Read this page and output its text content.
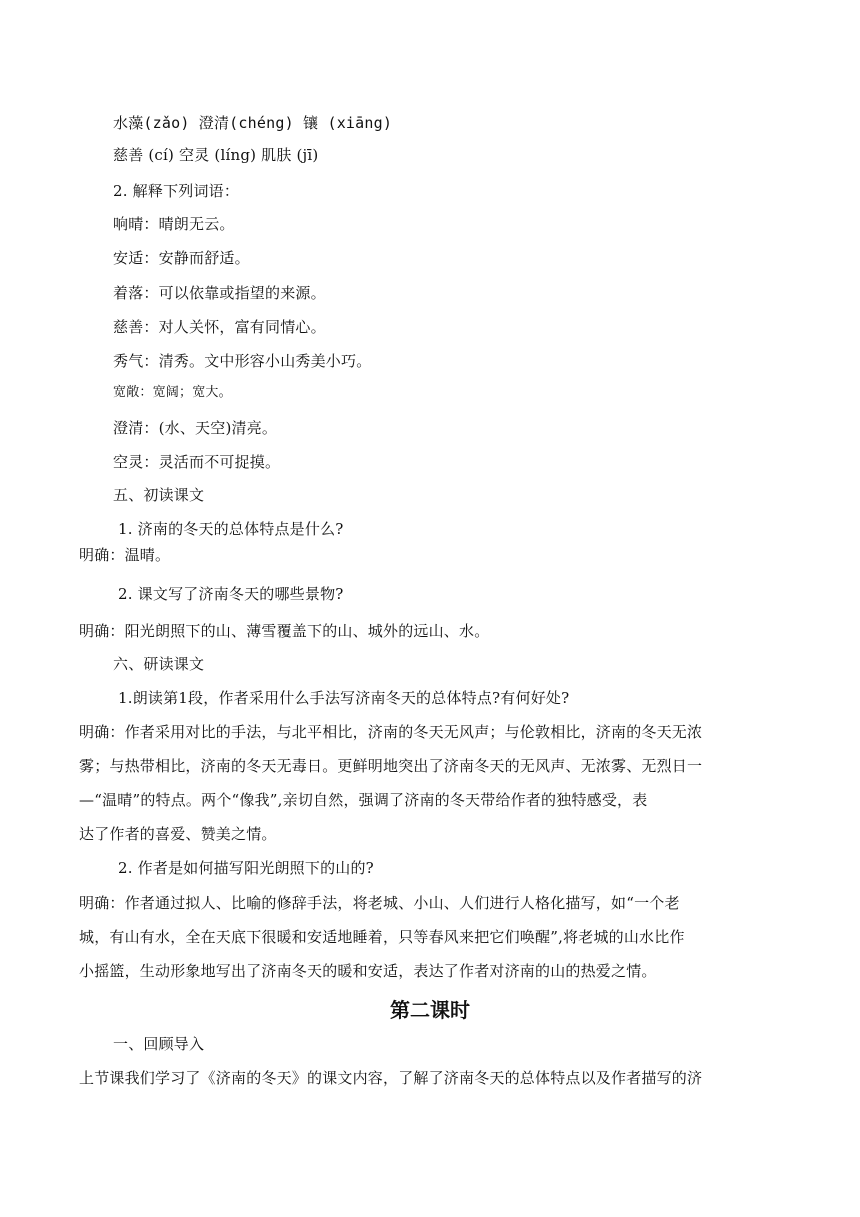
水藻(zǎo) 澄清(chéng) 镶 (xiāng)
慈善 (cí) 空灵 (líng) 肌肤 (jī)
2. 解释下列词语：
响晴：晴朗无云。
安适：安静而舒适。
着落：可以依靠或指望的来源。
慈善：对人关怀，富有同情心。
秀气：清秀。文中形容小山秀美小巧。
宽敞：宽阔；宽大。
澄清：(水、天空)清亮。
空灵：灵活而不可捉摸。
五、初读课文
1. 济南的冬天的总体特点是什么?
明确：温晴。
2. 课文写了济南冬天的哪些景物?
明确：阳光朗照下的山、薄雪覆盖下的山、城外的远山、水。
六、研读课文
1.朗读第1段，作者采用什么手法写济南冬天的总体特点?有何好处?
明确：作者采用对比的手法，与北平相比，济南的冬天无风声；与伦敦相比，济南的冬天无浓
雾；与热带相比，济南的冬天无毒日。更鲜明地突出了济南冬天的无风声、无浓雾、无烈日一
—“温晴”的特点。两个“像我”,亲切自然，强调了济南的冬天带给作者的独特感受，表
达了作者的喜爱、赞美之情。
2. 作者是如何描写阳光朗照下的山的?
明确：作者通过拟人、比喻的修辞手法，将老城、小山、人们进行人格化描写，如“一个老
城，有山有水，全在天底下很暖和安适地睡着，只等春风来把它们唤醒”,将老城的山水比作
小摇篮，生动形象地写出了济南冬天的暖和安适，表达了作者对济南的山的热爱之情。
第二课时
一、回顾导入
上节课我们学习了《济南的冬天》的课文内容，了解了济南冬天的总体特点以及作者描写的济
